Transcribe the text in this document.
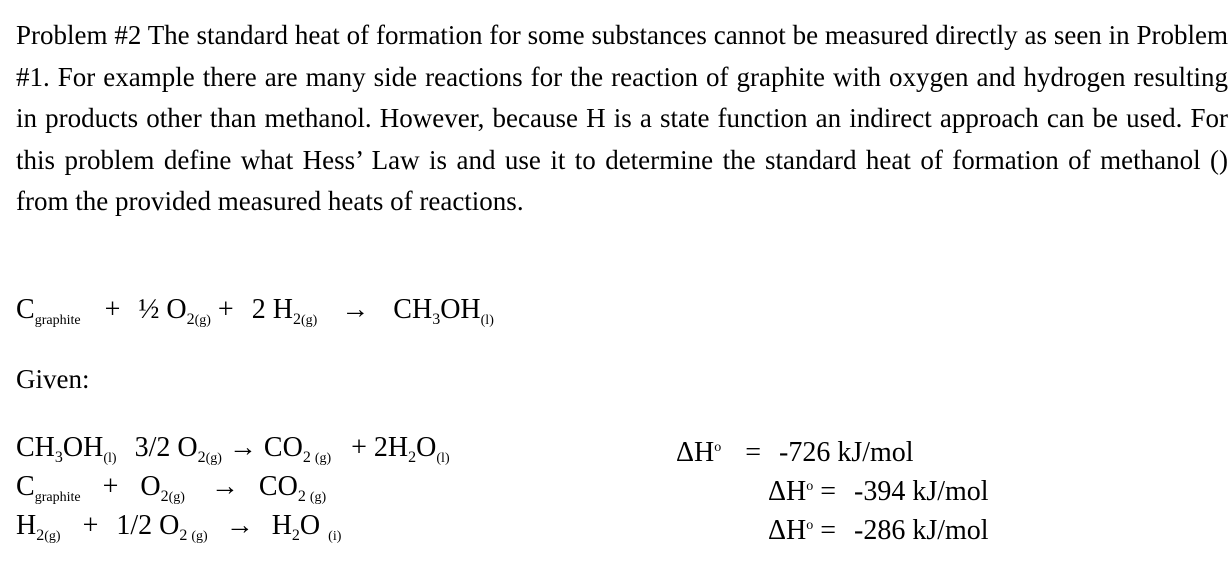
Problem #2 The standard heat of formation for some substances cannot be measured directly as seen in Problem #1. For example there are many side reactions for the reaction of graphite with oxygen and hydrogen resulting in products other than methanol. However, because H is a state function an indirect approach can be used. For this problem define what Hess’ Law is and use it to determine the standard heat of formation of methanol () from the provided measured heats of reactions.

$C_{graphite}$ + ½ $O_{2(g)} + 2$ $H_{2(g)} \to CH_3OH_{(l)}$
Given:
$CH_3OH_{(l)}$ 3/2 $O_{2(g)} \to CO_2$ $_{(g)} + 2H_2O_{(l)}$	$\Delta H^o = -726$ kJ/mol
$C_{graphite} + O_{2(g)} \to CO_2$ $_{(g)}$	$\Delta H^o = -394$ kJ/mol
$H_{2(g)} + 1/2$ $O_2$ $_{(g)} \to H_2O$ $_{(i)}$	$\Delta H^o = -286$ kJ/mol
